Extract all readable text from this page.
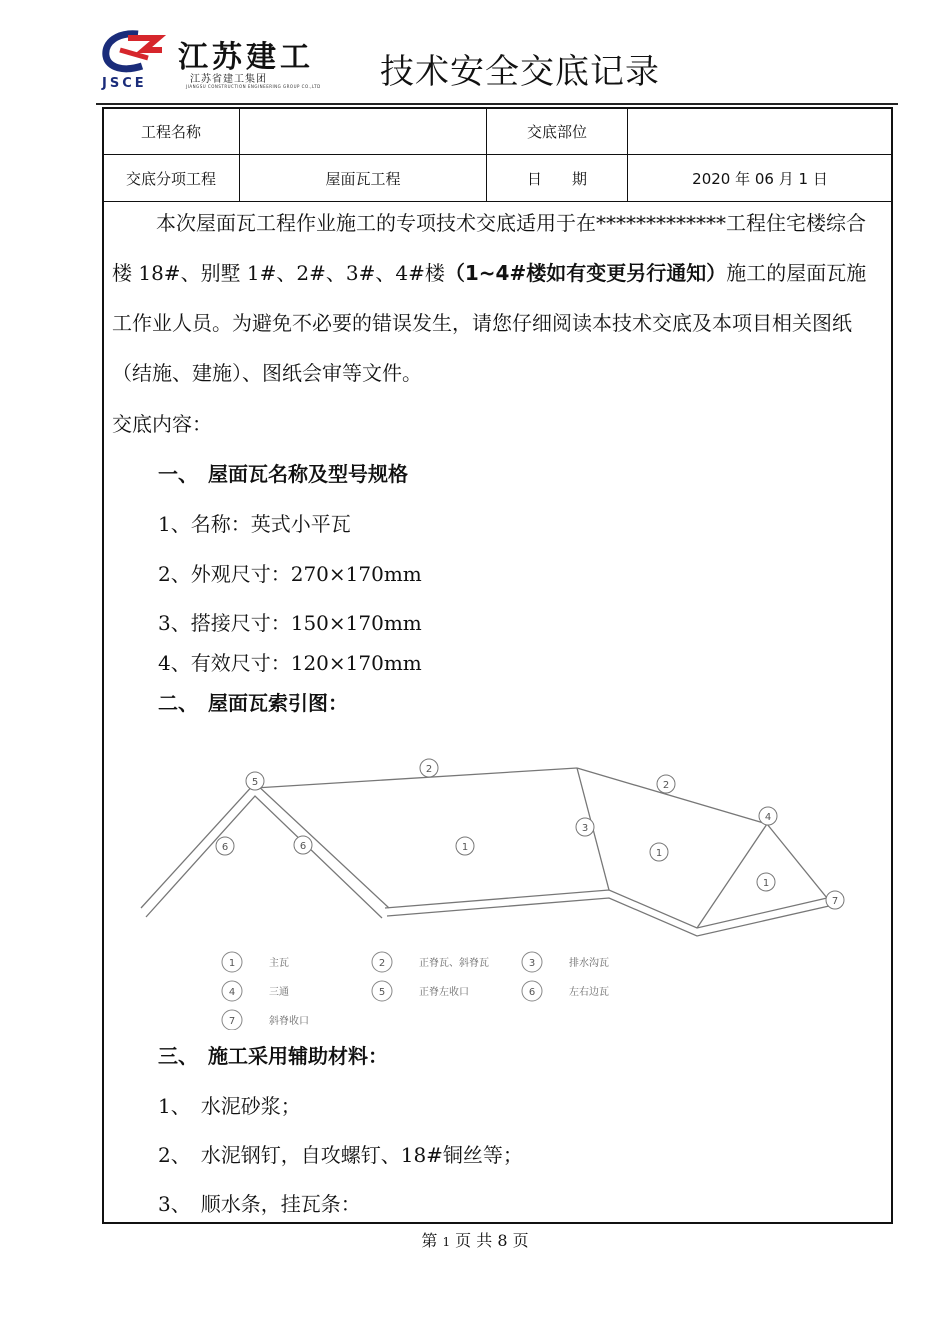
JSCE
江苏建工
江苏省建工集团
JIANGSU CONSTRUCTION ENGINEERING GROUP CO.,LTD 技术安全交底记录
工程名称		交底部位	
交底分项工程	屋面瓦工程	日　　期	2020 年 06 月 1 日
本次屋面瓦工程作业施工的专项技术交底适用于在*************工程住宅楼综合楼 18#、别墅 1#、2#、3#、4#楼（1~4#楼如有变更另行通知）施工的屋面瓦施工作业人员。为避免不必要的错误发生，请您仔细阅读本技术交底及本项目相关图纸（结施、建施）、图纸会审等文件。
交底内容：
一、　屋面瓦名称及型号规格
1、名称：英式小平瓦
2、外观尺寸：270×170mm
3、搭接尺寸：150×170mm
4、有效尺寸：120×170mm
二、　屋面瓦索引图：
5
2
2
4
6	6	1
3
1
1
7
1	主瓦	2	正脊瓦、斜脊瓦	3	排水沟瓦
4	三通	5	正脊左收口	6	左右边瓦
7	斜脊收口
三、　施工采用辅助材料：
1、　水泥砂浆；
2、　水泥钢钉，自攻螺钉、18#铜丝等；
3、　顺水条，挂瓦条：
第 1 页 共 8 页
